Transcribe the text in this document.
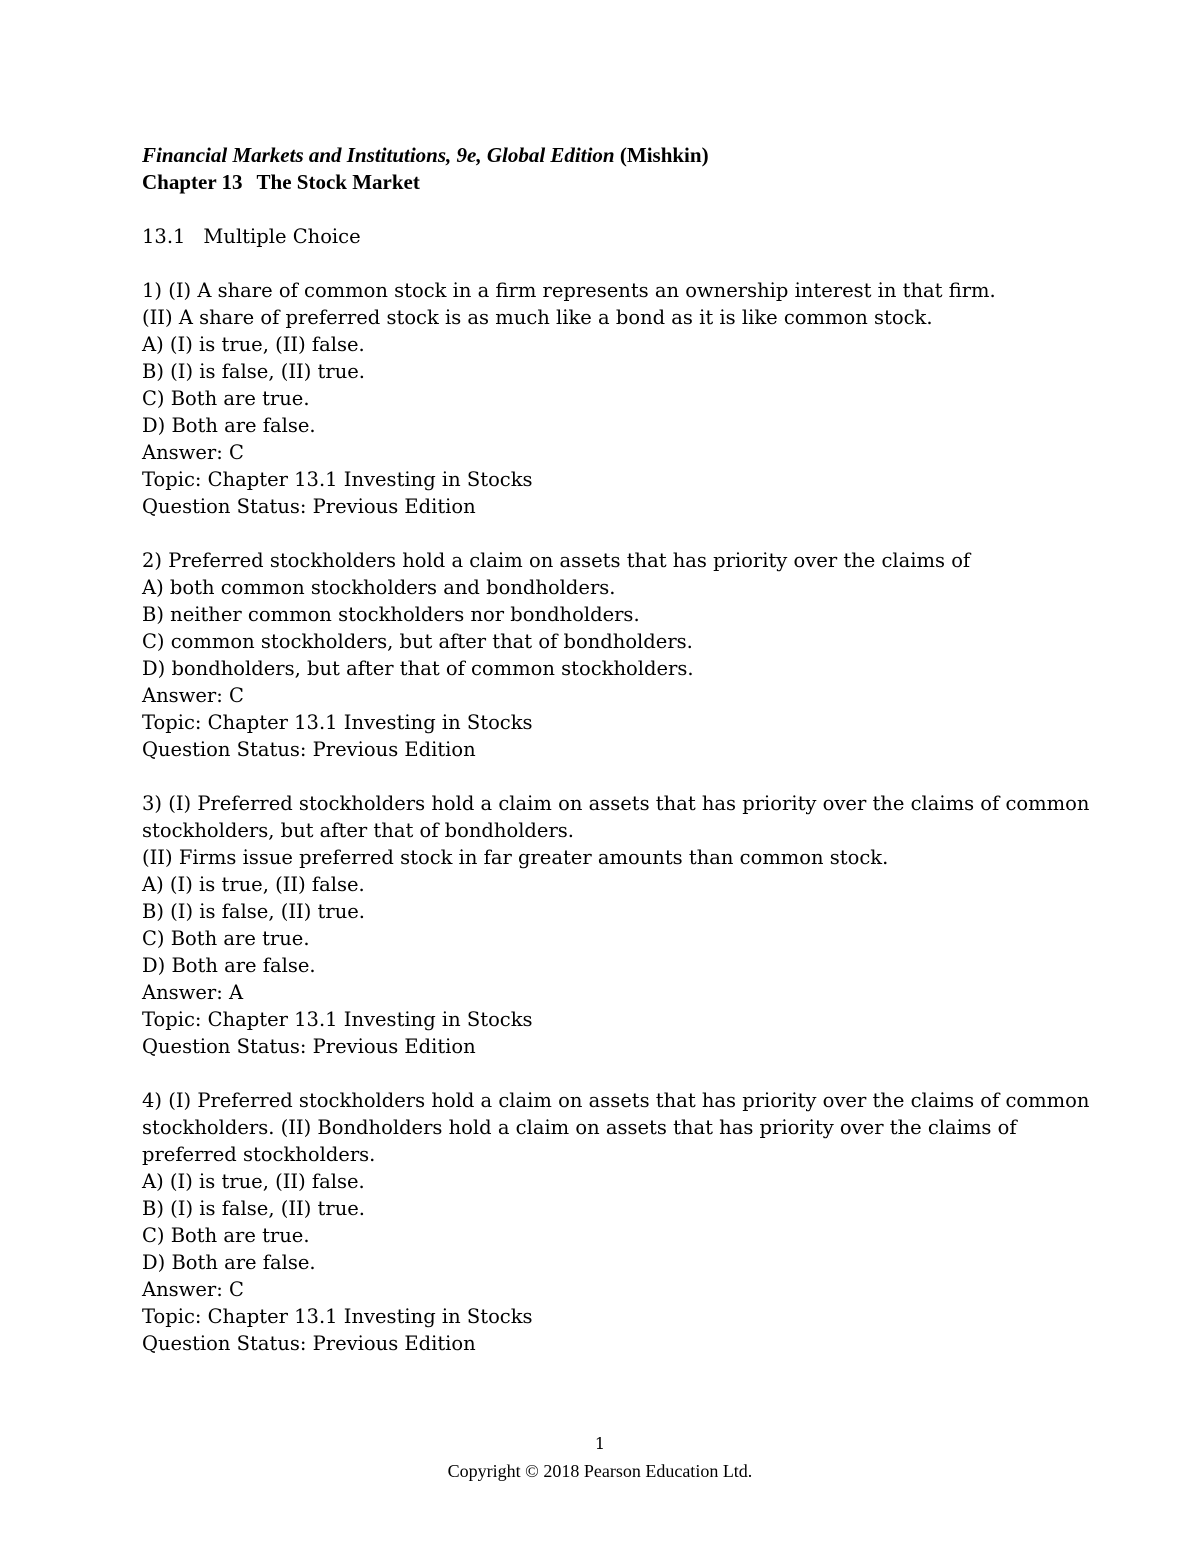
Financial Markets and Institutions, 9e, Global Edition (Mishkin)
Chapter 13 The Stock Market
13.1 Multiple Choice
1) (I) A share of common stock in a firm represents an ownership interest in that firm.
(II) A share of preferred stock is as much like a bond as it is like common stock.
A) (I) is true, (II) false.
B) (I) is false, (II) true.
C) Both are true.
D) Both are false.
Answer: C
Topic: Chapter 13.1 Investing in Stocks
Question Status: Previous Edition
2) Preferred stockholders hold a claim on assets that has priority over the claims of
A) both common stockholders and bondholders.
B) neither common stockholders nor bondholders.
C) common stockholders, but after that of bondholders.
D) bondholders, but after that of common stockholders.
Answer: C
Topic: Chapter 13.1 Investing in Stocks
Question Status: Previous Edition
3) (I) Preferred stockholders hold a claim on assets that has priority over the claims of common
stockholders, but after that of bondholders.
(II) Firms issue preferred stock in far greater amounts than common stock.
A) (I) is true, (II) false.
B) (I) is false, (II) true.
C) Both are true.
D) Both are false.
Answer: A
Topic: Chapter 13.1 Investing in Stocks
Question Status: Previous Edition
4) (I) Preferred stockholders hold a claim on assets that has priority over the claims of common
stockholders. (II) Bondholders hold a claim on assets that has priority over the claims of
preferred stockholders.
A) (I) is true, (II) false.
B) (I) is false, (II) true.
C) Both are true.
D) Both are false.
Answer: C
Topic: Chapter 13.1 Investing in Stocks
Question Status: Previous Edition
1
Copyright © 2018 Pearson Education Ltd.
